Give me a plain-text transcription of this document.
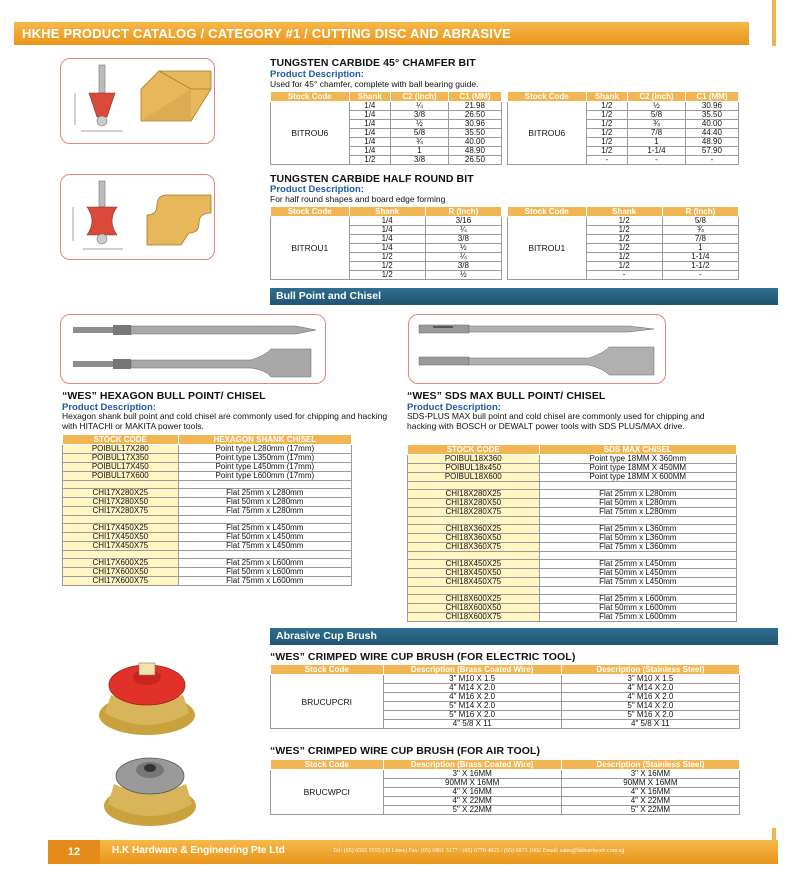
HKHE PRODUCT CATALOG / CATEGORY #1 / CUTTING DISC AND ABRASIVE
TUNGSTEN CARBIDE 45° CHAMFER BIT
Product Description:
Used for 45° chamfer, complete with ball bearing guide.
Stock Code	Shank	C2 (Inch)	C1 (MM)
BITROU6	1/4	¼	21.98
	1/4	3/8	26.50
	1/4	½	30.96
	1/4	5/8	35.50
	1/4	¾	40.00
	1/4	1	48.90
	1/2	3/8	26.50
Stock Code	Shank	C2 (Inch)	C1 (MM)
BITROU6	1/2	½	30.96
	1/2	5/8	35.50
	1/2	¾	40.00
	1/2	7/8	44.40
	1/2	1	48.90
	1/2	1-1/4	57.90
	-	-	-
TUNGSTEN CARBIDE HALF ROUND BIT
Product Description:
For half round shapes and board edge forming
Stock Code	Shank	R (Inch)
BITROU1	1/4	3/16
	1/4	¼
	1/4	3/8
	1/4	½
	1/2	¼
	1/2	3/8
	1/2	½
Stock Code	Shank	R (Inch)
BITROU1	1/2	5/8
	1/2	¾
	1/2	7/8
	1/2	1
	1/2	1-1/4
	1/2	1-1/2
	-	-
Bull Point and Chisel
“WES” HEXAGON BULL POINT/ CHISEL
Product Description:
Hexagon shank bull point and cold chisel are commonly used for chipping and hacking with HITACHI or MAKITA power tools.
STOCK CODE	HEXAGON SHANK CHISEL
POIBUL17X280	Point type L280mm (17mm)
POIBUL17X350	Point type L350mm (17mm)
POIBUL17X450	Point type L450mm (17mm)
POIBUL17X600	Point type L600mm (17mm)

CHI17X280X25	Flat 25mm x L280mm
CHI17X280X50	Flat 50mm x L280mm
CHI17X280X75	Flat 75mm x L280mm

CHI17X450X25	Flat 25mm x L450mm
CHI17X450X50	Flat 50mm x L450mm
CHI17X450X75	Flat 75mm x L450mm

CHI17X600X25	Flat 25mm x L600mm
CHI17X600X50	Flat 50mm x L600mm
CHI17X600X75	Flat 75mm x L600mm
“WES” SDS MAX BULL POINT/ CHISEL
Product Description:
SDS-PLUS MAX bull point and cold chisel are commonly used for chipping and hacking with BOSCH or DEWALT power tools with SDS PLUS/MAX drive.
STOCK CODE	SDS MAX CHISEL
POIBUL18X360	Point type 18MM X 360mm
POIBUL18x450	Point type 18MM X 450MM
POIBUL18X600	Point type 18MM X 600MM

CHI18X280X25	Flat 25mm x L280mm
CHI18X280X50	Flat 50mm x L280mm
CHI18X280X75	Flat 75mm x L280mm

CHI18X360X25	Flat 25mm x L360mm
CHI18X360X50	Flat 50mm x L360mm
CHI18X360X75	Flat 75mm x L360mm

CHI18X450X25	Flat 25mm x L450mm
CHI18X450X50	Flat 50mm x L450mm
CHI18X450X75	Flat 75mm x L450mm

CHI18X600X25	Flat 25mm x L600mm
CHI18X600X50	Flat 50mm x L600mm
CHI18X600X75	Flat 75mm x L600mm
Abrasive Cup Brush
“WES” CRIMPED WIRE CUP BRUSH (FOR ELECTRIC TOOL)
Stock Code	Description (Brass Coated Wire)	Description (Stainless Steel)
BRUCUPCRI	3" M10 X 1.5	3" M10 X 1.5
	4" M14 X 2.0	4" M14 X 2.0
	4" M16 X 2.0	4" M16 X 2.0
	5" M14 X 2.0	5" M14 X 2.0
	5" M16 X 2.0	5" M16 X 2.0
	4" 5/8 X 11	4" 5/8 X 11
“WES” CRIMPED WIRE CUP BRUSH (FOR AIR TOOL)
Stock Code	Description (Brass Coated Wire)	Description (Stainless Steel)
BRUCWPCI	3" X 16MM	3" X 16MM
	90MM X 16MM	90MM X 16MM
	4" X 16MM	4" X 16MM
	4" X 22MM	4" X 22MM
	5" X 22MM	5" X 22MM
12	H.K Hardware & Engineering Pte Ltd	Tel: (65) 6565 5555 (30 Lines) Fax: (65) 6861 3177 / (65) 6778 4025 / (65) 6873 1602 Email: sales@hkhardware.com.sg
